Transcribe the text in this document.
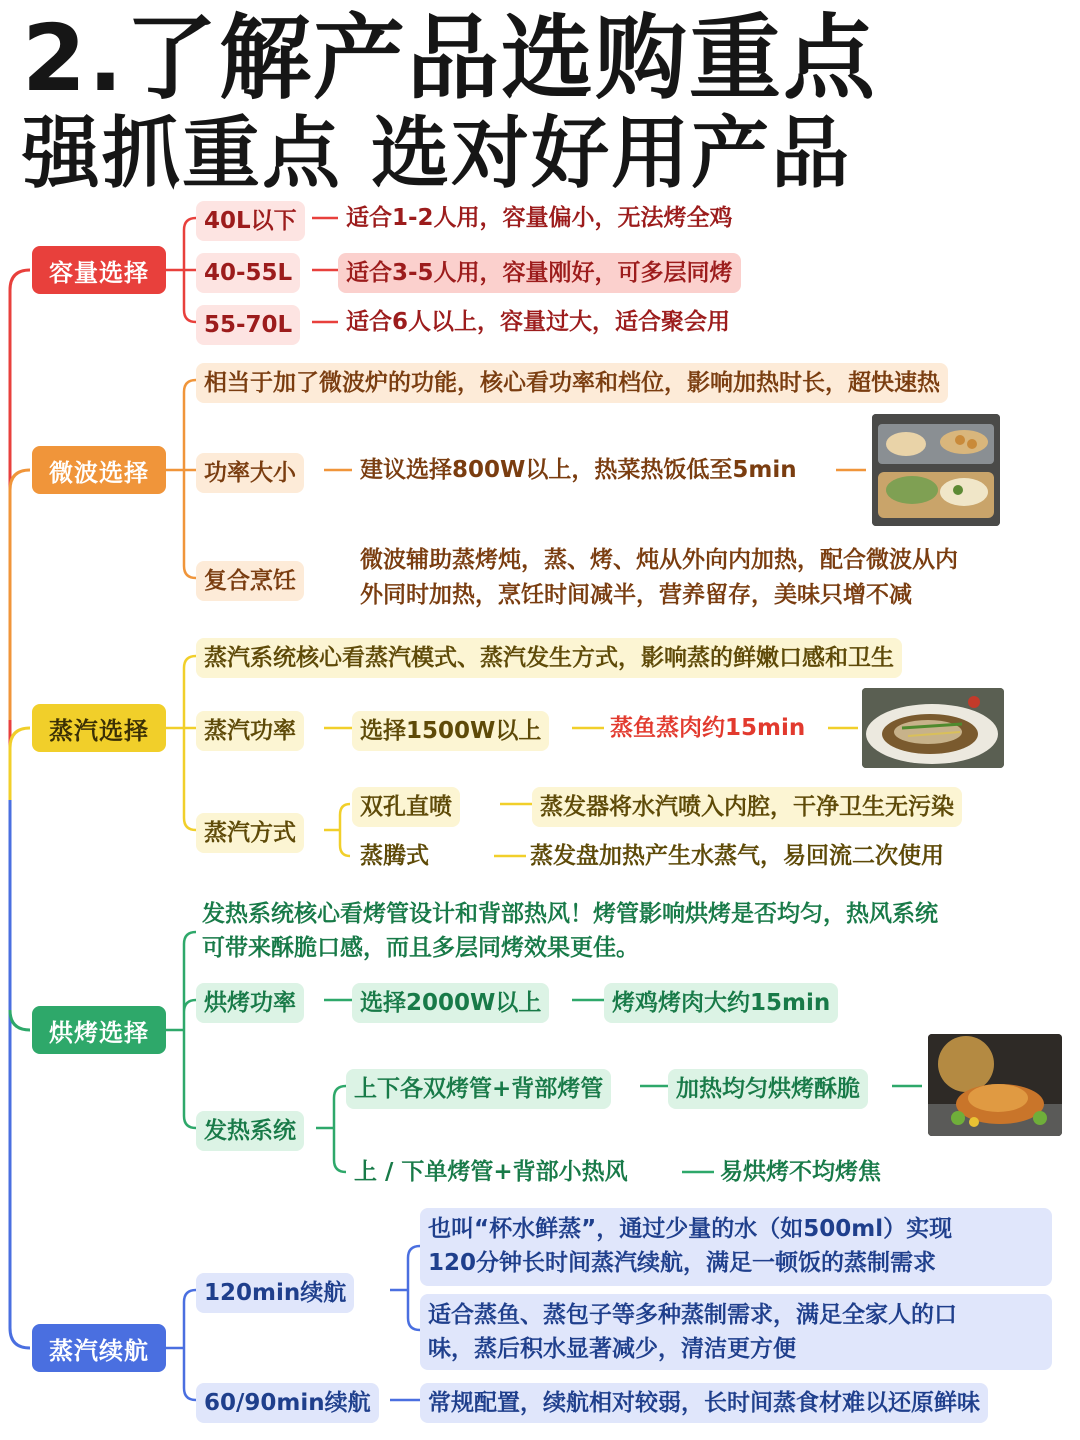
2.了解产品选购重点
强抓重点 选对好用产品
容量选择
40L以下	适合1-2人用，容量偏小，无法烤全鸡
40-55L	适合3-5人用，容量刚好，可多层同烤
55-70L	适合6人以上，容量过大，适合聚会用
微波选择
相当于加了微波炉的功能，核心看功率和档位，影响加热时长，超快速热
功率大小	建议选择800W以上，热菜热饭低至5min
复合烹饪
微波辅助蒸烤炖，蒸、烤、炖从外向内加热，配合微波从内
外同时加热，烹饪时间减半，营养留存，美味只增不减
蒸汽选择
蒸汽系统核心看蒸汽模式、蒸汽发生方式，影响蒸的鲜嫩口感和卫生
蒸汽功率	选择1500W以上	蒸鱼蒸肉约15min
蒸汽方式
双孔直喷	蒸发器将水汽喷入内腔，干净卫生无污染
蒸腾式	蒸发盘加热产生水蒸气，易回流二次使用
烘烤选择
发热系统核心看烤管设计和背部热风！烤管影响烘烤是否均匀，热风系统
可带来酥脆口感，而且多层同烤效果更佳。
烘烤功率	选择2000W以上	烤鸡烤肉大约15min
发热系统
上下各双烤管+背部烤管	加热均匀烘烤酥脆
上 / 下单烤管+背部小热风	易烘烤不均烤焦
蒸汽续航
120min续航
也叫“杯水鲜蒸”，通过少量的水（如500ml）实现
120分钟长时间蒸汽续航，满足一顿饭的蒸制需求
适合蒸鱼、蒸包子等多种蒸制需求，满足全家人的口
味，蒸后积水显著减少，清洁更方便
60/90min续航	常规配置，续航相对较弱，长时间蒸食材难以还原鲜味
